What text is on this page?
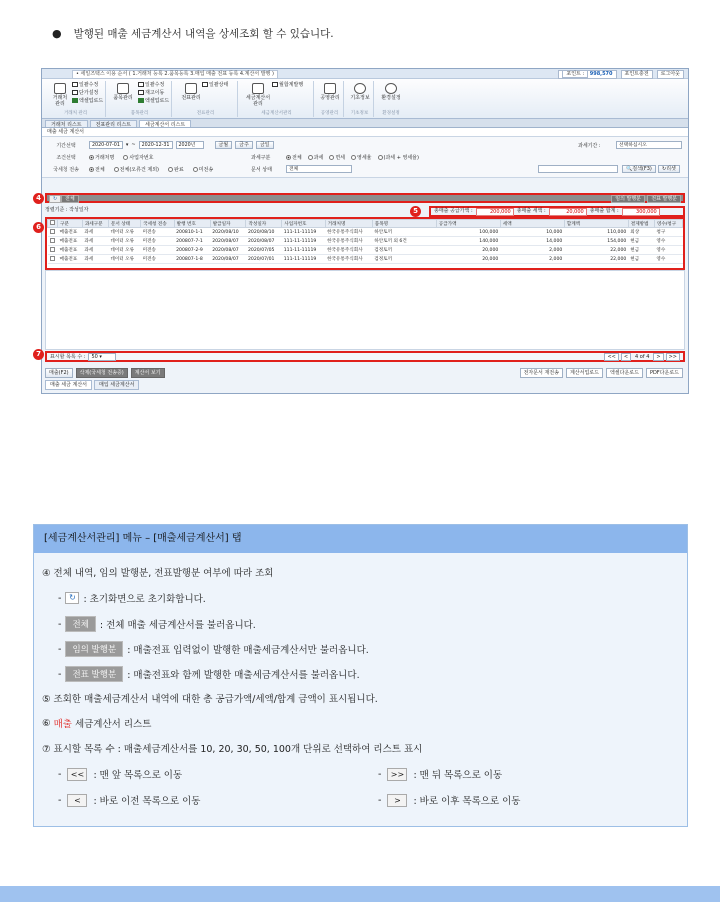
● 발행된 매출 세금계산서 내역을 상세조회 할 수 있습니다.
• 세일즈택스 이용 순서 ( 1.거래처 등록 2.품목등록 3.매입 매출 전표 등록 4.계산서 발행 )	포인트 : 998,570	포인트충전	로그아웃
거래처
관리
일괄수정
단가설정
엑셀업로드
거래처 관리
품목관리
일괄수정
재고이동
엑셀업로드
품목관리
전표관리
일괄상태
전표관리
세금계산서
관리
월합계발행
세금계산서관리
공영관리
공영관리
기초정보
기초정보
환경설정
환경설정
거래처 리스트	전표관리 리스트	세금계산서 리스트
매출 세금 계산서
기간선택	2020-07-01	▾ ~	2020-12-31	2020년	금월	금주	금일	과세기간 :	선택하십시오
조건선택	거래처명	사업자번호	과세구분	전체 과세 면세 영세율 (과세 + 영세율)
국세청 전송	전체	전체(오류건 제외)	완료	미전송	문서 상태	전체	🔍검색(F3)	↻리셋
↻	전체	임의 발행분	전표 발행분
정렬기준 : 작성일자	총매출 공급가액 :	200,000	총매출 세액 :	20,000	총매출 합계 :	300,000
	구분	과세구분	문서 상태	국세청 전송	발행 번호	발급일자	작성일자	사업자번호	거래처명	품목명	공급가액	세액	합계액	결제방법	영수/청구
	매출전표	과세	데이터 오류	미전송	200810-1-1	2020/08/10	2020/08/10	111-11-11119	한국유통주식회사	하안토끼	100,000	10,000	110,000	외상	청구
	매출전표	과세	데이터 오류	미전송	200807-7-1	2020/08/07	2020/08/07	111-11-11119	한국유통주식회사	하안토끼 외 6건	140,000	14,000	154,000	현금	영수
	매출전표	과세	데이터 오류	미전송	200807-2-9	2020/08/07	2020/07/05	111-11-11119	한국유통주식회사	검정토끼	20,000	2,000	22,000	현금	영수
	매출전표	과세	데이터 오류	미전송	200807-1-8	2020/08/07	2020/07/01	111-11-11119	한국유통주식회사	검정토끼	20,000	2,000	22,000	현금	영수
표시할 목록 수 :	50 ▾	<<	<	4 of 4	>	>>
매출(F2)	삭제(국세청 전송증)	계산서 보기	전자문서 재전송	계산서업로드	엑셀다운로드	PDF다운로드
매출 세금 계산서	매입 세금계산서
4
5
6
7
[세금계산서관리] 메뉴 – [매출세금계산서] 탭
④ 전체 내역, 임의 발행분, 전표발행분 여부에 따라 조회
- ↻ : 초기화면으로 초기화합니다.
-	전체	: 전체 매출 세금계산서를 불러옵니다.
-	임의 발행분	: 매출전표 입력없이 발행한 매출세금계산서만 불러옵니다.
-	전표 발행분	: 매출전표와 함께 발행한 매출세금계산서를 불러옵니다.
⑤ 조회한 매출세금계산서 내역에 대한 총 공급가액/세액/합계 금액이 표시됩니다.
⑥
매출
세금계산서 리스트
⑦ 표시할 목록 수 : 매출세금계산서를 10, 20, 30, 50, 100개 단위로 선택하여 리스트 표시
-	<< : 맨 앞 목록으로 이동	-	>> : 맨 뒤 목록으로 이동
-	<	: 바로 이전 목록으로 이동	-	>	: 바로 이후 목록으로 이동
